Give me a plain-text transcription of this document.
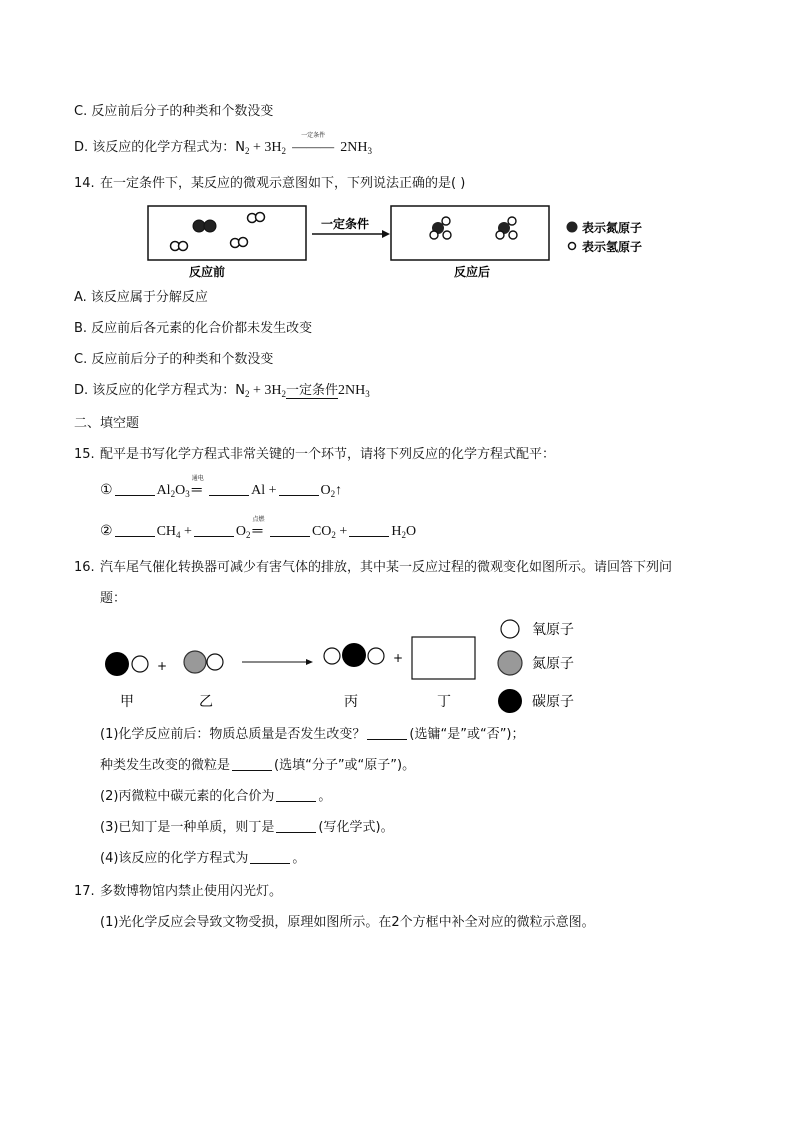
C. 反应前后分子的种类和个数没变
D. 该反应的化学方程式为：$N_2 + 3H_2$
一定条件
――― $2NH_3$
14. 在一定条件下，某反应的微观示意图如下，下列说法正确的是( )
一定条件
反应前	反应后
表示氮原子
表示氢原子
A. 该反应属于分解反应
B. 反应前后各元素的化合价都未发生改变
C. 反应前后分子的种类和个数没变
D. 该反应的化学方程式为：$N_2 + 3H_2$一定条件$2NH_3$
二、填空题
15. 配平是书写化学方程式非常关键的一个环节，请将下列反应的化学方程式配平：
①	$Al_2O_3$
通电
═	Al +	$O_2↑$
②	$CH_4$ +	$O_2$
点燃
═	$CO_2$ +	$H_2O$
16. 汽车尾气催化转换器可减少有害气体的排放，其中某一反应过程的微观变化如图所示。请回答下列问
题：
+
+
甲	乙	丙	丁
氧原子
氮原子
碳原子
(1)化学反应前后：物质总质量是否发生改变？	(选镛“是”或“否”)；
种类发生改变的微粒是	(选填“分子”或“原子”)。
(2)丙微粒中碳元素的化合价为	。
(3)已知丁是一种单质，则丁是	(写化学式)。
(4)该反应的化学方程式为	。
17. 多数博物馆内禁止使用闪光灯。
(1)光化学反应会导致文物受损，原理如图所示。在2个方框中补全对应的微粒示意图。
